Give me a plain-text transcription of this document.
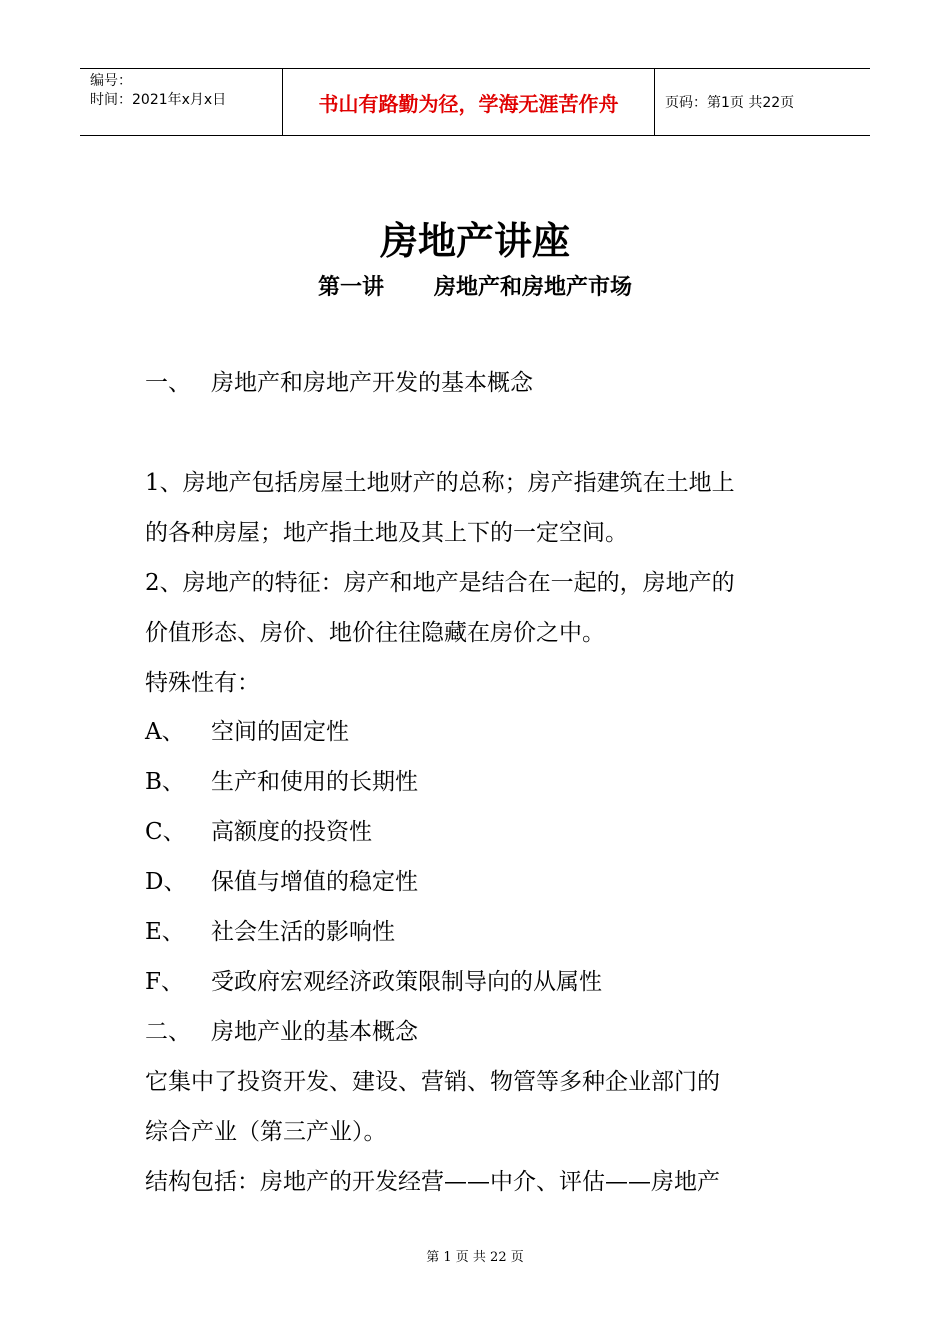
编号：
时间：2021年x月x日	书山有路勤为径，学海无涯苦作舟	页码：第1页 共22页
房地产讲座
第一讲 房地产和房地产市场
一、 房地产和房地产开发的基本概念
1、房地产包括房屋土地财产的总称；房产指建筑在土地上
的各种房屋；地产指土地及其上下的一定空间。
2、房地产的特征：房产和地产是结合在一起的，房地产的
价值形态、房价、地价往往隐藏在房价之中。
特殊性有：
A、 空间的固定性
B、 生产和使用的长期性
C、 高额度的投资性
D、 保值与增值的稳定性
E、 社会生活的影响性
F、 受政府宏观经济政策限制导向的从属性
二、 房地产业的基本概念
它集中了投资开发、建设、营销、物管等多种企业部门的
综合产业（第三产业）。
结构包括：房地产的开发经营——中介、评估——房地产
第 1 页 共 22 页
